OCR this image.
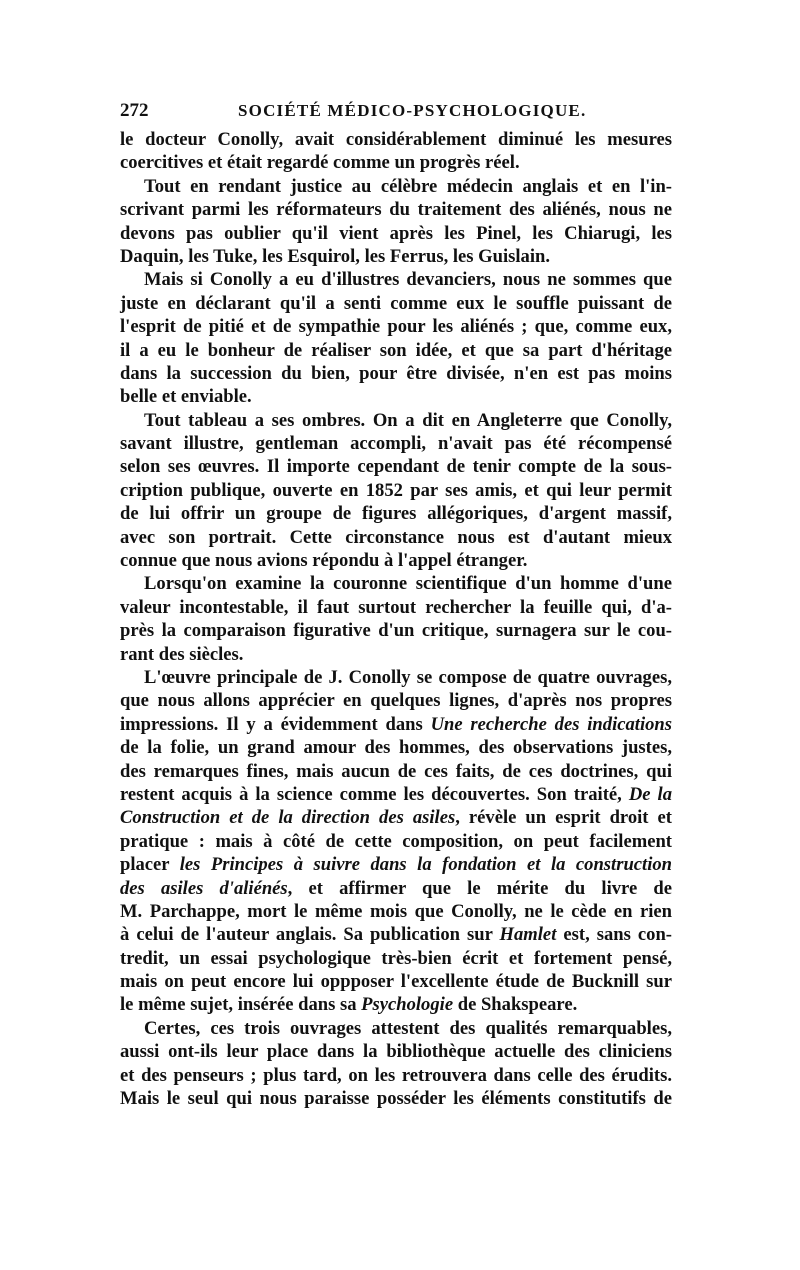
272	SOCIÉTÉ MÉDICO-PSYCHOLOGIQUE.
le docteur Conolly, avait considérablement diminué les mesures
coercitives et était regardé comme un progrès réel.
Tout en rendant justice au célèbre médecin anglais et en l'in-
scrivant parmi les réformateurs du traitement des aliénés, nous ne
devons pas oublier qu'il vient après les Pinel, les Chiarugi, les
Daquin, les Tuke, les Esquirol, les Ferrus, les Guislain.
Mais si Conolly a eu d'illustres devanciers, nous ne sommes que
juste en déclarant qu'il a senti comme eux le souffle puissant de
l'esprit de pitié et de sympathie pour les aliénés ; que, comme eux,
il a eu le bonheur de réaliser son idée, et que sa part d'héritage
dans la succession du bien, pour être divisée, n'en est pas moins
belle et enviable.
Tout tableau a ses ombres. On a dit en Angleterre que Conolly,
savant illustre, gentleman accompli, n'avait pas été récompensé
selon ses œuvres. Il importe cependant de tenir compte de la sous-
cription publique, ouverte en 1852 par ses amis, et qui leur permit
de lui offrir un groupe de figures allégoriques, d'argent massif,
avec son portrait. Cette circonstance nous est d'autant mieux
connue que nous avions répondu à l'appel étranger.
Lorsqu'on examine la couronne scientifique d'un homme d'une
valeur incontestable, il faut surtout rechercher la feuille qui, d'a-
près la comparaison figurative d'un critique, surnagera sur le cou-
rant des siècles.
L'œuvre principale de J. Conolly se compose de quatre ouvrages,
que nous allons apprécier en quelques lignes, d'après nos propres
impressions. Il y a évidemment dans Une recherche des indications
de la folie, un grand amour des hommes, des observations justes,
des remarques fines, mais aucun de ces faits, de ces doctrines, qui
restent acquis à la science comme les découvertes. Son traité, De la
Construction et de la direction des asiles, révèle un esprit droit et
pratique : mais à côté de cette composition, on peut facilement
placer les Principes à suivre dans la fondation et la construction
des asiles d'aliénés, et affirmer que le mérite du livre de
M. Parchappe, mort le même mois que Conolly, ne le cède en rien
à celui de l'auteur anglais. Sa publication sur Hamlet est, sans con-
tredit, un essai psychologique très-bien écrit et fortement pensé,
mais on peut encore lui oppposer l'excellente étude de Bucknill sur
le même sujet, insérée dans sa Psychologie de Shakspeare.
Certes, ces trois ouvrages attestent des qualités remarquables,
aussi ont-ils leur place dans la bibliothèque actuelle des cliniciens
et des penseurs ; plus tard, on les retrouvera dans celle des érudits.
Mais le seul qui nous paraisse posséder les éléments constitutifs de
